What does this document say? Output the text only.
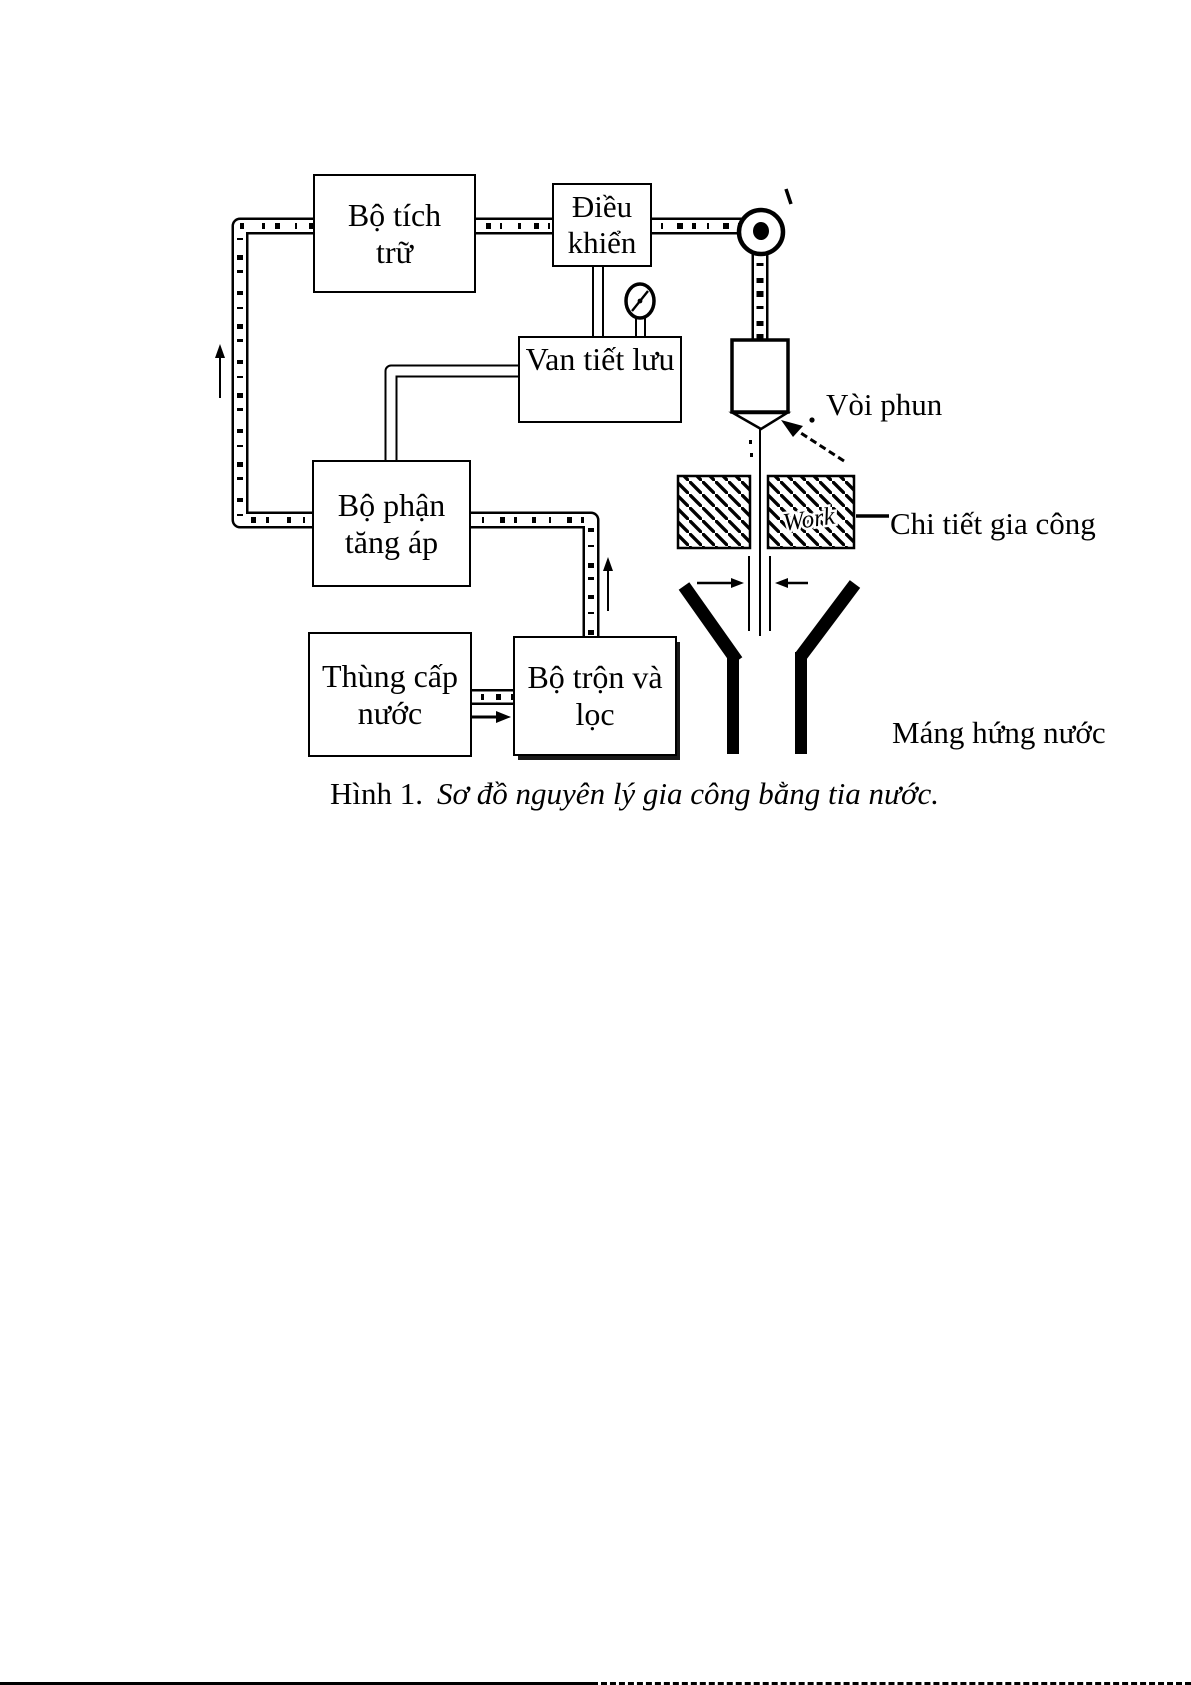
Work
Bộ tích
trữ
Điều
khiển
Van tiết lưu
Bộ phận
tăng áp
Thùng cấp
nước
Bộ trộn và
lọc
Vòi phun
Chi tiết gia công
Máng hứng nước
Hình 1. Sơ đồ nguyên lý gia công bằng tia nước.
